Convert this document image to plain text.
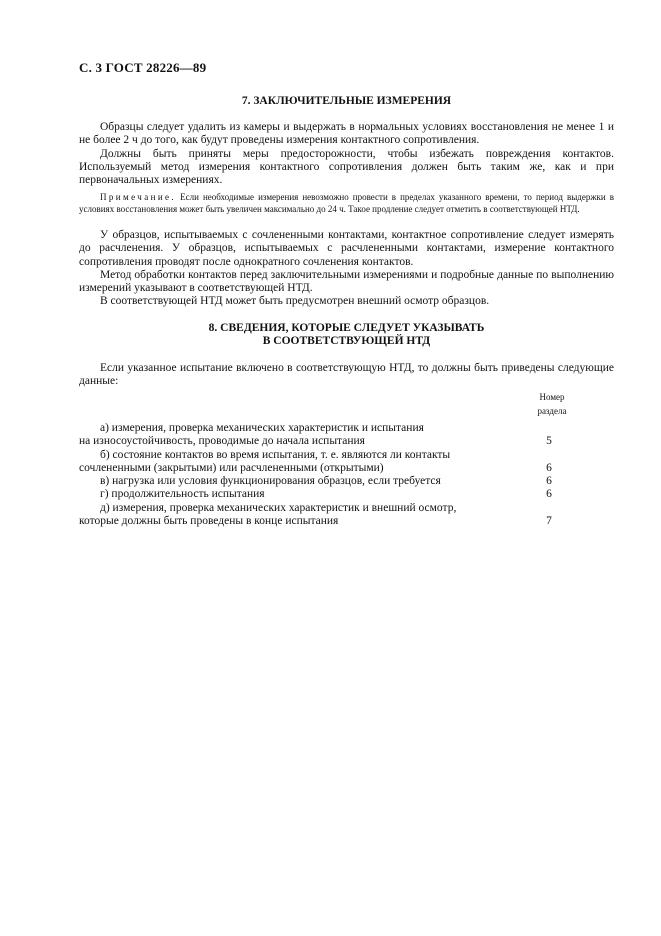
С. 3 ГОСТ 28226—89
7. ЗАКЛЮЧИТЕЛЬНЫЕ ИЗМЕРЕНИЯ

Образцы следует удалить из камеры и выдержать в нормальных условиях восстановления не менее 1 и не более 2 ч до того, как будут проведены измерения контактного сопротивления.

Должны быть приняты меры предосторожности, чтобы избежать повреждения контактов. Используемый метод измерения контактного сопротивления должен быть таким же, как и при первоначальных измерениях.

Примечание. Если необходимые измерения невозможно провести в пределах указанного времени, то период выдержки в условиях восстановления может быть увеличен максимально до 24 ч. Такое продление следует отметить в соответствующей НТД.

У образцов, испытываемых с сочлененными контактами, контактное сопротивление следует измерять до расчленения. У образцов, испытываемых с расчлененными контактами, измерение контактного сопротивления проводят после однократного сочленения контактов.

Метод обработки контактов перед заключительными измерениями и подробные данные по выполнению измерений указывают в соответствующей НТД.

В соответствующей НТД может быть предусмотрен внешний осмотр образцов.

8. СВЕДЕНИЯ, КОТОРЫЕ СЛЕДУЕТ УКАЗЫВАТЬ
В СООТВЕТСТВУЮЩЕЙ НТД

Если указанное испытание включено в соответствующую НТД, то должны быть приведены следующие данные:

Номер
раздела
а) измерения, проверка механических характеристик и испытания
на износоустойчивость, проводимые до начала испытания	5
б) состояние контактов во время испытания, т. е. являются ли контакты
сочлененными (закрытыми) или расчлененными (открытыми)	6
в) нагрузка или условия функционирования образцов, если требуется	6
г) продолжительность испытания	6
д) измерения, проверка механических характеристик и внешний осмотр,
которые должны быть проведены в конце испытания	7
